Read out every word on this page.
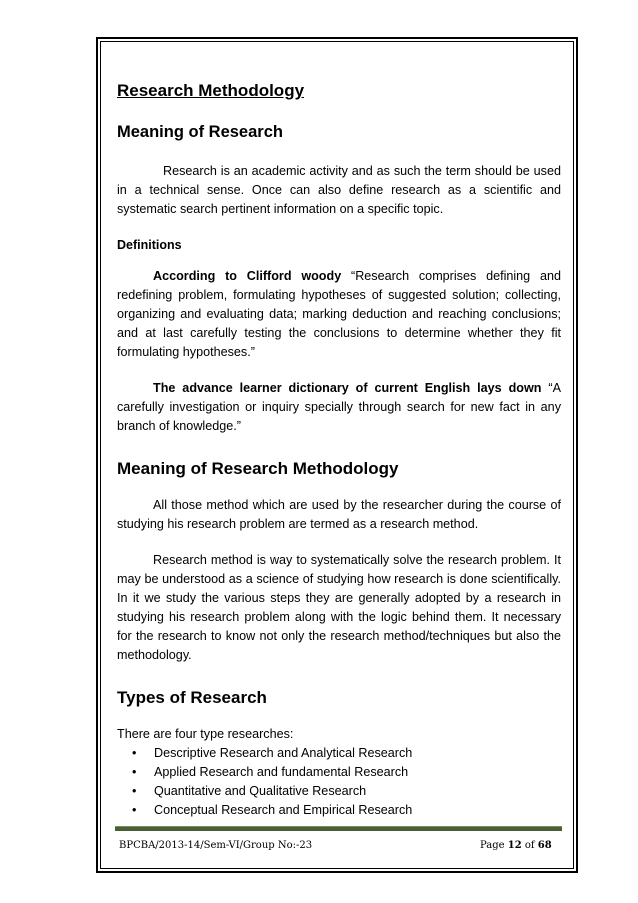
Research Methodology
Meaning of Research

Research is an academic activity and as such the term should be used in a technical sense. Once can also define research as a scientific and systematic search pertinent information on a specific topic.

Definitions

According to Clifford woody “Research comprises defining and redefining problem, formulating hypotheses of suggested solution; collecting, organizing and evaluating data; marking deduction and reaching conclusions; and at last carefully testing the conclusions to determine whether they fit formulating hypotheses.”

The advance learner dictionary of current English lays down “A carefully investigation or inquiry specially through search for new fact in any branch of knowledge.”

Meaning of Research Methodology

All those method which are used by the researcher during the course of studying his research problem are termed as a research method.

Research method is way to systematically solve the research problem. It may be understood as a science of studying how research is done scientifically. In it we study the various steps they are generally adopted by a research in studying his research problem along with the logic behind them. It necessary for the research to know not only the research method/techniques but also the methodology.

Types of Research

There are four type researches:

• Descriptive Research and Analytical Research
• Applied Research and fundamental Research
• Quantitative and Qualitative Research
• Conceptual Research and Empirical Research
BPCBA/2013-14/Sem-VI/Group No:-23	Page 12 of 68
